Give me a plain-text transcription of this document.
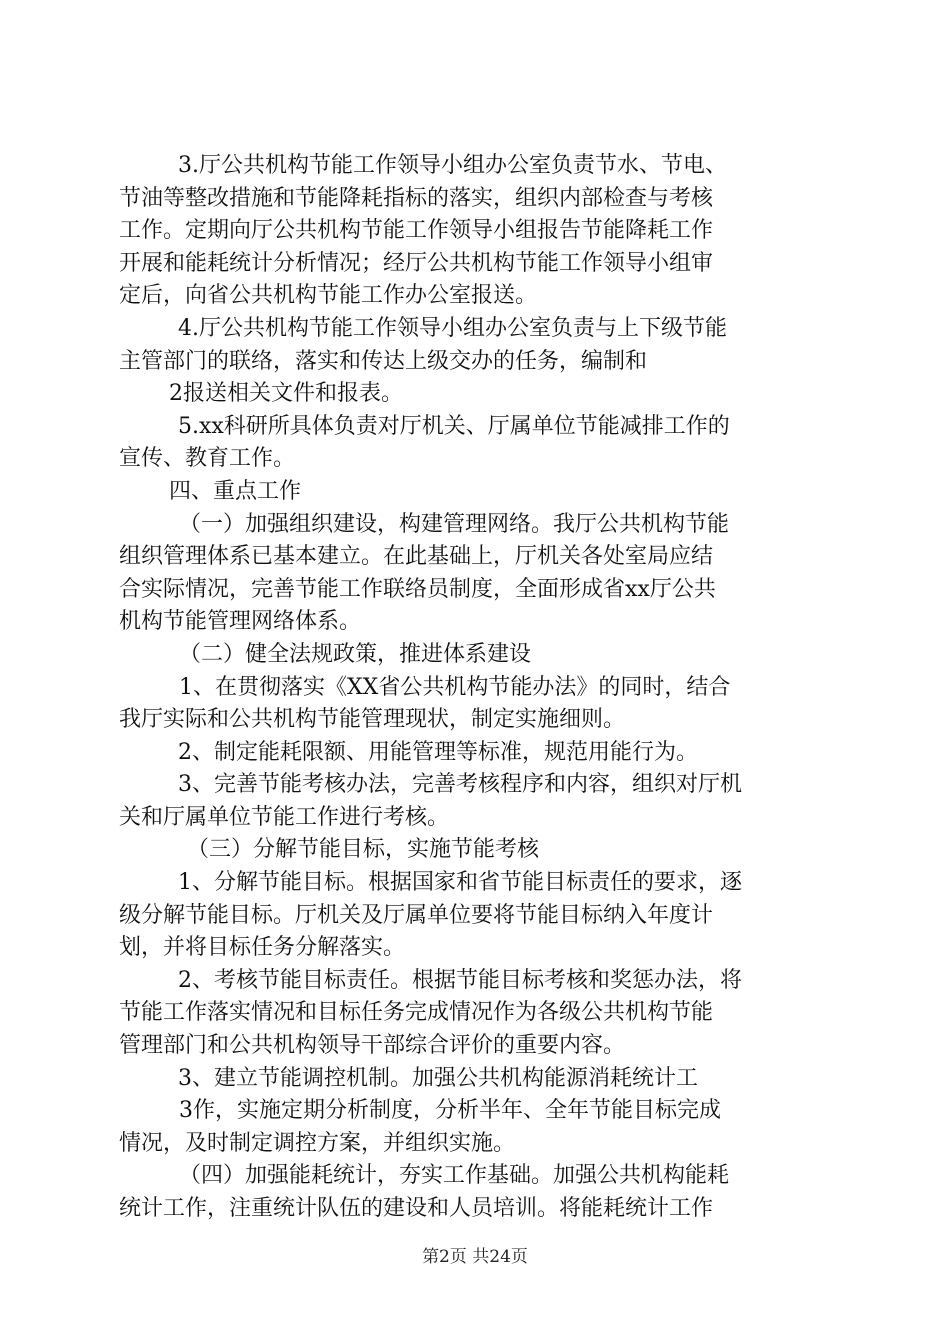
3.厅公共机构节能工作领导小组办公室负责节水、节电、
节油等整改措施和节能降耗指标的落实，组织内部检查与考核
工作。定期向厅公共机构节能工作领导小组报告节能降耗工作
开展和能耗统计分析情况；经厅公共机构节能工作领导小组审
定后，向省公共机构节能工作办公室报送。
4.厅公共机构节能工作领导小组办公室负责与上下级节能
主管部门的联络，落实和传达上级交办的任务，编制和
2报送相关文件和报表。
5.xx科研所具体负责对厅机关、厅属单位节能减排工作的
宣传、教育工作。
四、重点工作
（一）加强组织建设，构建管理网络。我厅公共机构节能
组织管理体系已基本建立。在此基础上，厅机关各处室局应结
合实际情况，完善节能工作联络员制度，全面形成省xx厅公共
机构节能管理网络体系。
（二）健全法规政策，推进体系建设
1、在贯彻落实《XX省公共机构节能办法》的同时，结合
我厅实际和公共机构节能管理现状，制定实施细则。
2、制定能耗限额、用能管理等标准，规范用能行为。
3、完善节能考核办法，完善考核程序和内容，组织对厅机
关和厅属单位节能工作进行考核。
（三）分解节能目标，实施节能考核
1、分解节能目标。根据国家和省节能目标责任的要求，逐
级分解节能目标。厅机关及厅属单位要将节能目标纳入年度计
划，并将目标任务分解落实。
2、考核节能目标责任。根据节能目标考核和奖惩办法，将
节能工作落实情况和目标任务完成情况作为各级公共机构节能
管理部门和公共机构领导干部综合评价的重要内容。
3、建立节能调控机制。加强公共机构能源消耗统计工
3作，实施定期分析制度，分析半年、全年节能目标完成
情况，及时制定调控方案，并组织实施。
（四）加强能耗统计，夯实工作基础。加强公共机构能耗
统计工作，注重统计队伍的建设和人员培训。将能耗统计工作
第2页 共24页
